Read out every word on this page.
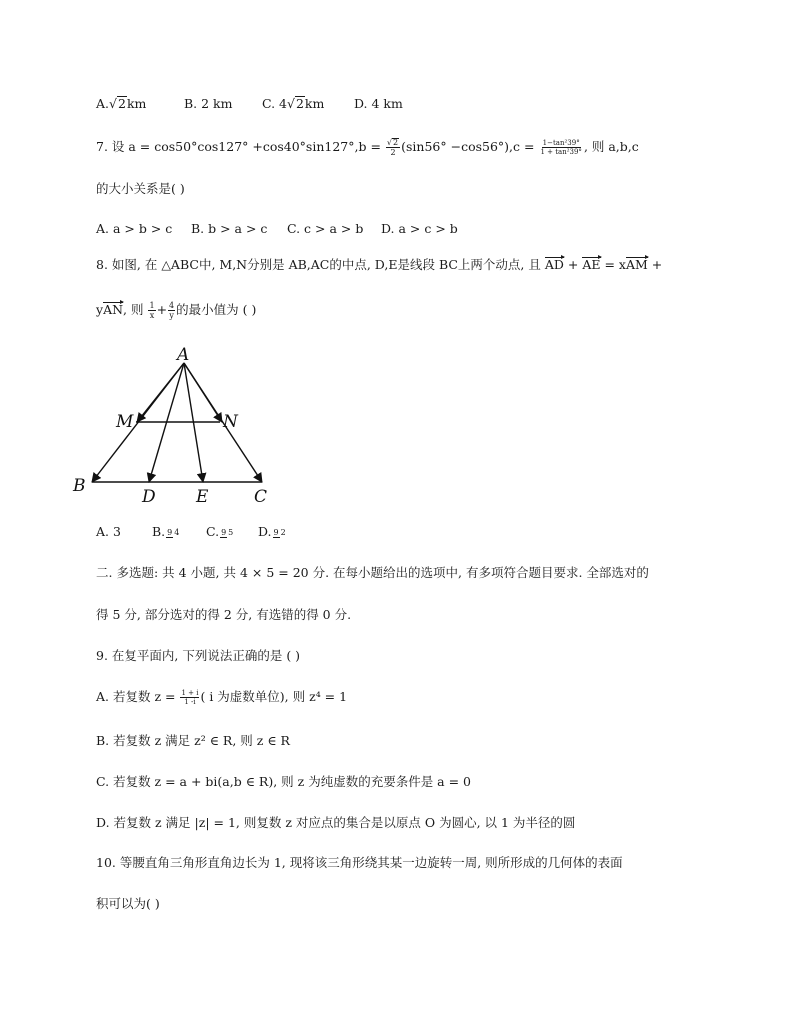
A.√2km	B. 2 km C. 4√2km D. 4 km
7. 设 $a = \cos 50^\circ\cos 127^\circ +\cos 40^\circ\sin 127^\circ,b = \frac{√2}{2} (\sin 56^\circ -\cos 56^\circ),c = \frac{\text{1−tan²39°}}{\text{1 + tan²39°}}$ , 则 a,b,c
的大小关系是( )
A. a > b > c B. b > a > c C. c > a > b D. a > c > b
8. 如图, 在 △ABC中, M,N分别是 AB,AC的中点, D,E是线段 BC上两个动点, 且 AD + AE = xAM +
yAN, 则 $\frac{1}{x} + \frac{4}{y}$ 的最小值为 ( )
A
M	N
B
D E	C
A. 3 B. 9 4 C. 9 5 D. 9 2
二. 多选题: 共 4 小题, 共 4 × 5 = 20 分. 在每小题给出的选项中, 有多项符合题目要求. 全部选对的
得 5 分, 部分选对的得 2 分, 有选错的得 0 分.
9. 在复平面内, 下列说法正确的是 ( )
A. 若复数 $z = \frac{1 + i}{1 -i}$ ( i 为虚数单位), 则 z⁴ = 1
B. 若复数 z 满足 z² ∈ R, 则 z ∈ R
C. 若复数 z = a + bi(a,b ∈ R), 则 z 为纯虚数的充要条件是 a = 0
D. 若复数 z 满足 |z| = 1, 则复数 z 对应点的集合是以原点 O 为圆心, 以 1 为半径的圆
10. 等腰直角三角形直角边长为 1, 现将该三角形绕其某一边旋转一周, 则所形成的几何体的表面
积可以为( )
